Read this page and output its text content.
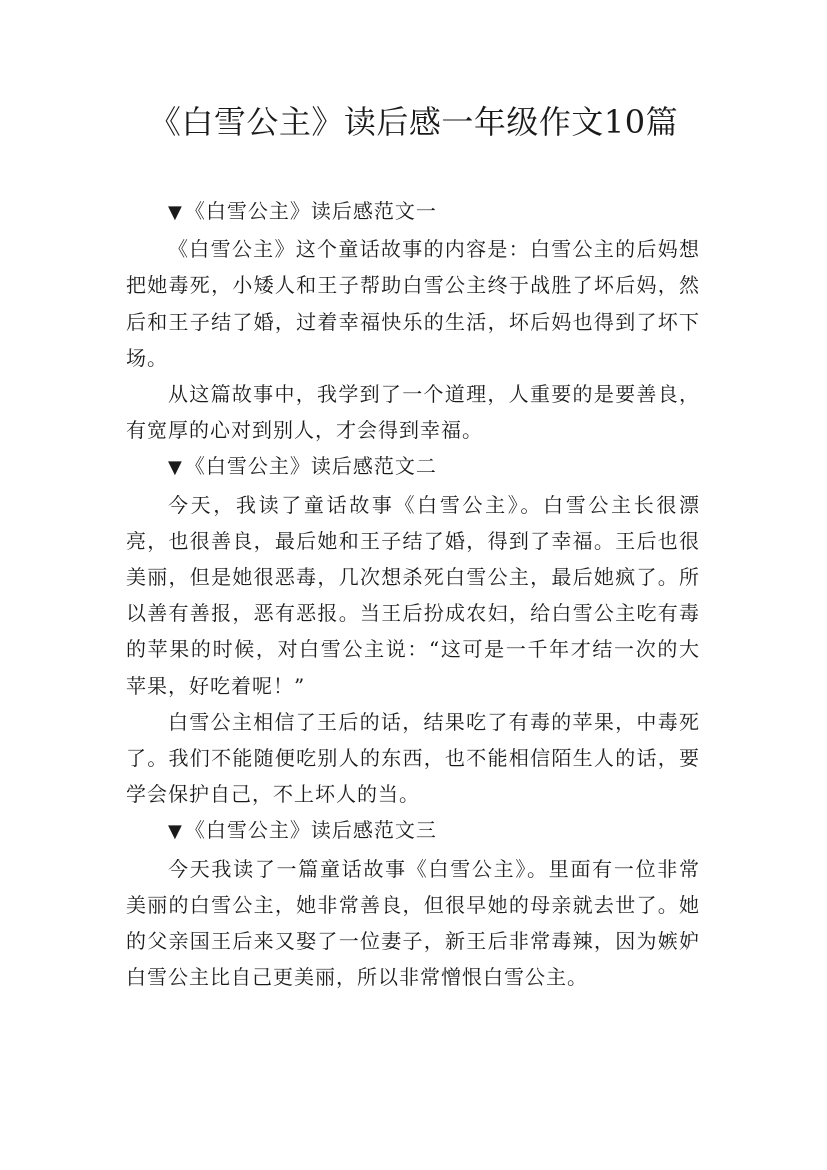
《白雪公主》读后感一年级作文10篇

▼ 《白雪公主》读后感范文一

《白雪公主》这个童话故事的内容是：白雪公主的后妈想把她毒死，小矮人和王子帮助白雪公主终于战胜了坏后妈，然后和王子结了婚，过着幸福快乐的生活，坏后妈也得到了坏下场。

从这篇故事中，我学到了一个道理，人重要的是要善良，有宽厚的心对到别人，才会得到幸福。

▼ 《白雪公主》读后感范文二

今天，我读了童话故事《白雪公主》。白雪公主长很漂亮，也很善良，最后她和王子结了婚，得到了幸福。王后也很美丽，但是她很恶毒，几次想杀死白雪公主，最后她疯了。所以善有善报，恶有恶报。当王后扮成农妇，给白雪公主吃有毒的苹果的时候，对白雪公主说：“这可是一千年才结一次的大苹果，好吃着呢！”

白雪公主相信了王后的话，结果吃了有毒的苹果，中毒死了。我们不能随便吃别人的东西，也不能相信陌生人的话，要学会保护自己，不上坏人的当。

▼ 《白雪公主》读后感范文三

今天我读了一篇童话故事《白雪公主》。里面有一位非常美丽的白雪公主，她非常善良，但很早她的母亲就去世了。她的父亲国王后来又娶了一位妻子，新王后非常毒辣，因为嫉妒白雪公主比自己更美丽，所以非常憎恨白雪公主。
